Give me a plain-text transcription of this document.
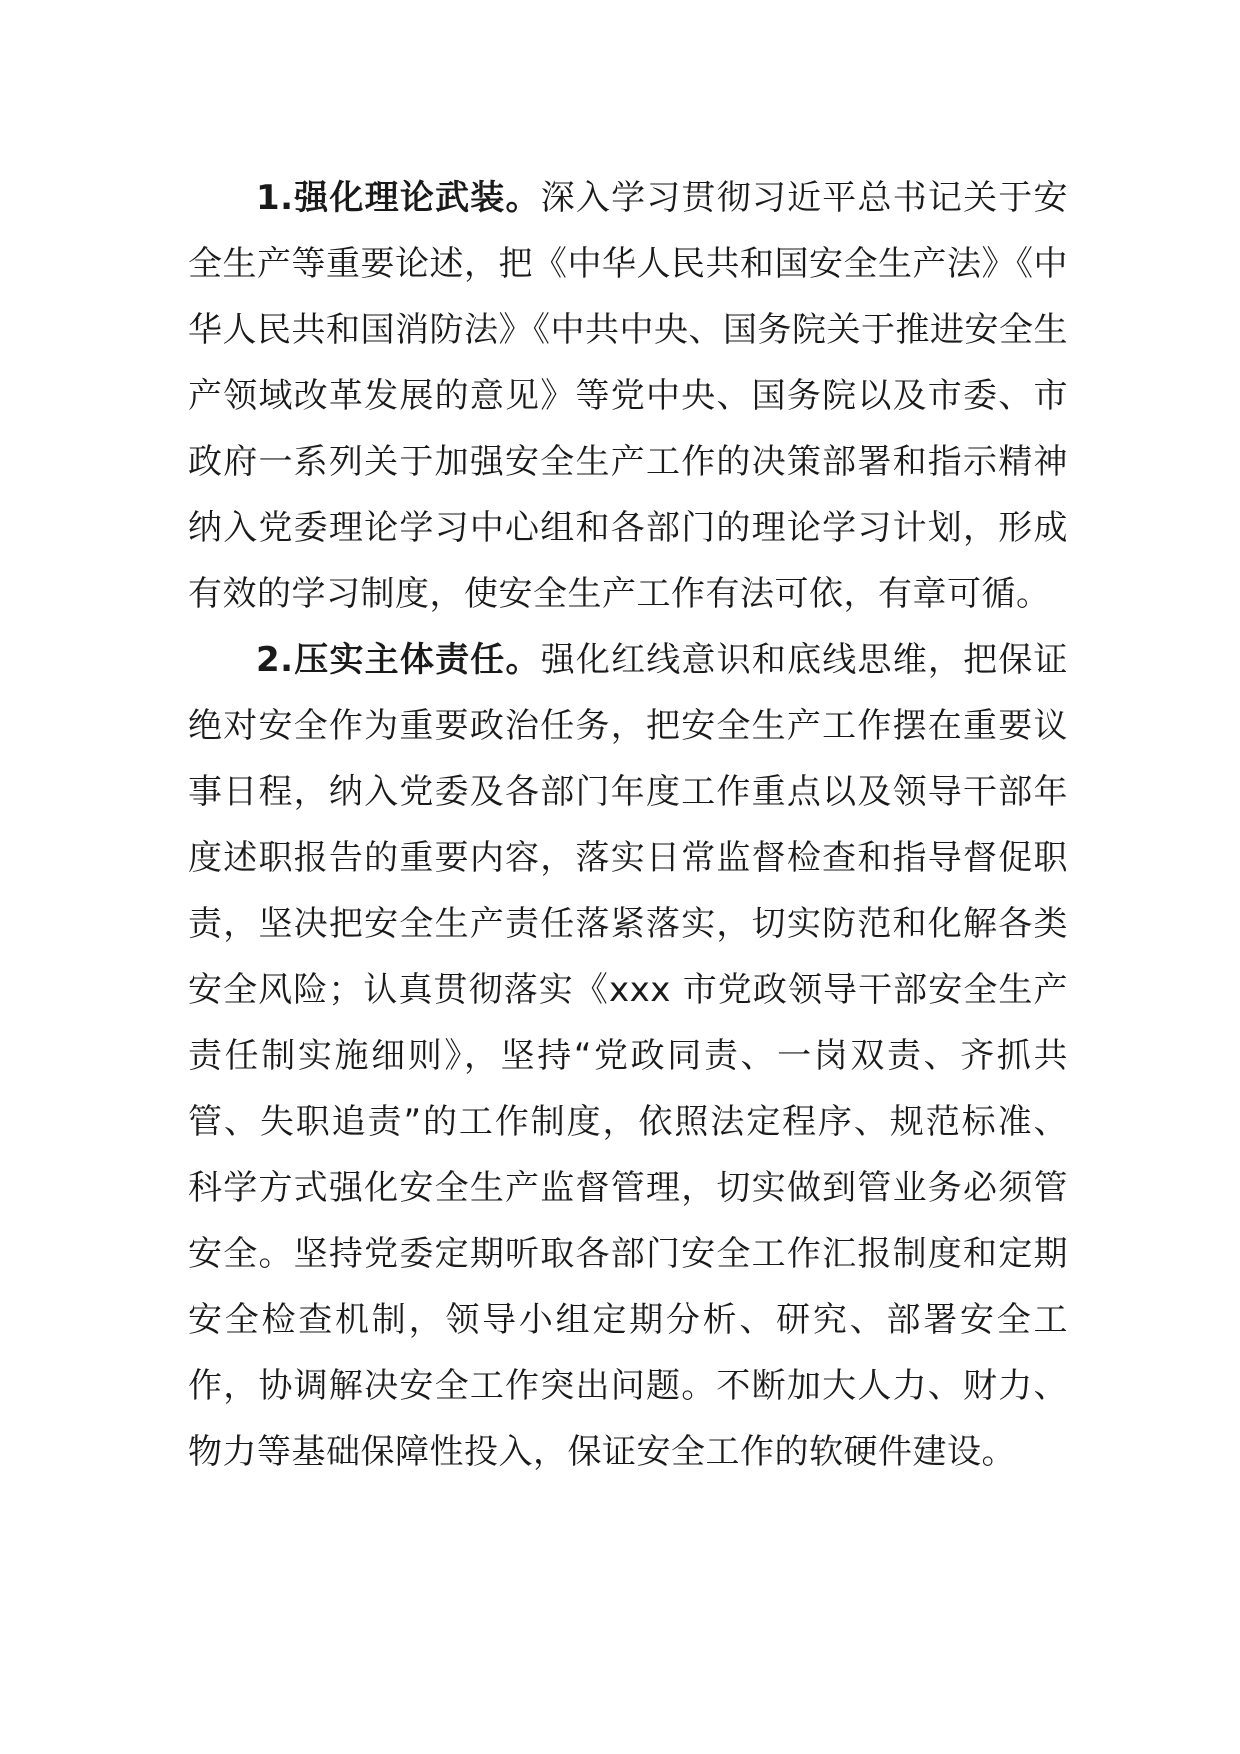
1.强化理论武装。深入学习贯彻习近平总书记关于安全生产等重要论述，把《中华人民共和国安全生产法》《中华人民共和国消防法》《中共中央、国务院关于推进安全生产领域改革发展的意见》等党中央、国务院以及市委、市政府一系列关于加强安全生产工作的决策部署和指示精神纳入党委理论学习中心组和各部门的理论学习计划，形成有效的学习制度，使安全生产工作有法可依，有章可循。

2.压实主体责任。强化红线意识和底线思维，把保证绝对安全作为重要政治任务，把安全生产工作摆在重要议事日程，纳入党委及各部门年度工作重点以及领导干部年度述职报告的重要内容，落实日常监督检查和指导督促职责，坚决把安全生产责任落紧落实，切实防范和化解各类安全风险；认真贯彻落实《xxx 市党政领导干部安全生产责任制实施细则》，坚持“党政同责、一岗双责、齐抓共管、失职追责”的工作制度，依照法定程序、规范标准、科学方式强化安全生产监督管理，切实做到管业务必须管安全。坚持党委定期听取各部门安全工作汇报制度和定期安全检查机制，领导小组定期分析、研究、部署安全工作，协调解决安全工作突出问题。不断加大人力、财力、物力等基础保障性投入，保证安全工作的软硬件建设。
